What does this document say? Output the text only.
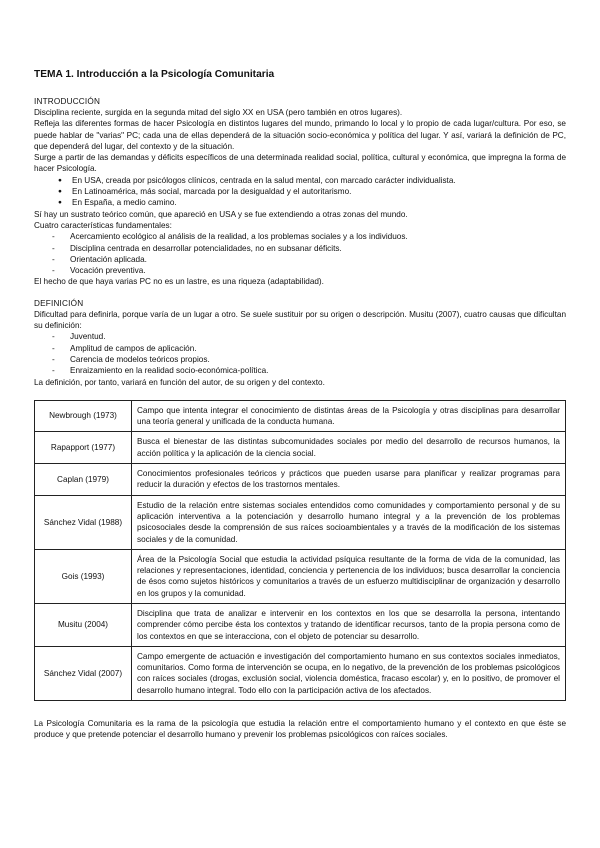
TEMA 1. Introducción a la Psicología Comunitaria
INTRODUCCIÓN

Disciplina reciente, surgida en la segunda mitad del siglo XX en USA (pero también en otros lugares).

Refleja las diferentes formas de hacer Psicología en distintos lugares del mundo, primando lo local y lo propio de cada lugar/cultura. Por eso, se puede hablar de "varias" PC; cada una de ellas dependerá de la situación socio-económica y política del lugar. Y así, variará la definición de PC, que dependerá del lugar, del contexto y de la situación.

Surge a partir de las demandas y déficits específicos de una determinada realidad social, política, cultural y económica, que impregna la forma de hacer Psicología.

● En USA, creada por psicólogos clínicos, centrada en la salud mental, con marcado carácter individualista.
● En Latinoamérica, más social, marcada por la desigualdad y el autoritarismo.
● En España, a medio camino.

Sí hay un sustrato teórico común, que apareció en USA y se fue extendiendo a otras zonas del mundo.

Cuatro características fundamentales:

- Acercamiento ecológico al análisis de la realidad, a los problemas sociales y a los individuos.
- Disciplina centrada en desarrollar potencialidades, no en subsanar déficits.
- Orientación aplicada.
- Vocación preventiva.

El hecho de que haya varias PC no es un lastre, es una riqueza (adaptabilidad).

DEFINICIÓN

Dificultad para definirla, porque varía de un lugar a otro. Se suele sustituir por su origen o descripción. Musitu (2007), cuatro causas que dificultan su definición:

- Juventud.
- Amplitud de campos de aplicación.
- Carencia de modelos teóricos propios.
- Enraizamiento en la realidad socio-económica-política.

La definición, por tanto, variará en función del autor, de su origen y del contexto.

Newbrough (1973)	Campo que intenta integrar el conocimiento de distintas áreas de la Psicología y otras disciplinas para desarrollar una teoría general y unificada de la conducta humana.
Rapapport (1977)	Busca el bienestar de las distintas subcomunidades sociales por medio del desarrollo de recursos humanos, la acción política y la aplicación de la ciencia social.
Caplan (1979)	Conocimientos profesionales teóricos y prácticos que pueden usarse para planificar y realizar programas para reducir la duración y efectos de los trastornos mentales.
Sánchez Vidal (1988)	Estudio de la relación entre sistemas sociales entendidos como comunidades y comportamiento personal y de su aplicación interventiva a la potenciación y desarrollo humano integral y a la prevención de los problemas psicosociales desde la comprensión de sus raíces socioambientales y a través de la modificación de los sistemas sociales y de la comunidad.
Gois (1993)	Área de la Psicología Social que estudia la actividad psíquica resultante de la forma de vida de la comunidad, las relaciones y representaciones, identidad, conciencia y pertenencia de los individuos; busca desarrollar la conciencia de ésos como sujetos históricos y comunitarios a través de un esfuerzo multidisciplinar de organización y desarrollo en los grupos y la comunidad.
Musitu (2004)	Disciplina que trata de analizar e intervenir en los contextos en los que se desarrolla la persona, intentando comprender cómo percibe ésta los contextos y tratando de identificar recursos, tanto de la propia persona como de los contextos en que se interacciona, con el objeto de potenciar su desarrollo.
Sánchez Vidal (2007)	Campo emergente de actuación e investigación del comportamiento humano en sus contextos sociales inmediatos, comunitarios. Como forma de intervención se ocupa, en lo negativo, de la prevención de los problemas psicológicos con raíces sociales (drogas, exclusión social, violencia doméstica, fracaso escolar) y, en lo positivo, de promover el desarrollo humano integral. Todo ello con la participación activa de los afectados.

La Psicología Comunitaria es la rama de la psicología que estudia la relación entre el comportamiento humano y el contexto en que éste se produce y que pretende potenciar el desarrollo humano y prevenir los problemas psicológicos con raíces sociales.
